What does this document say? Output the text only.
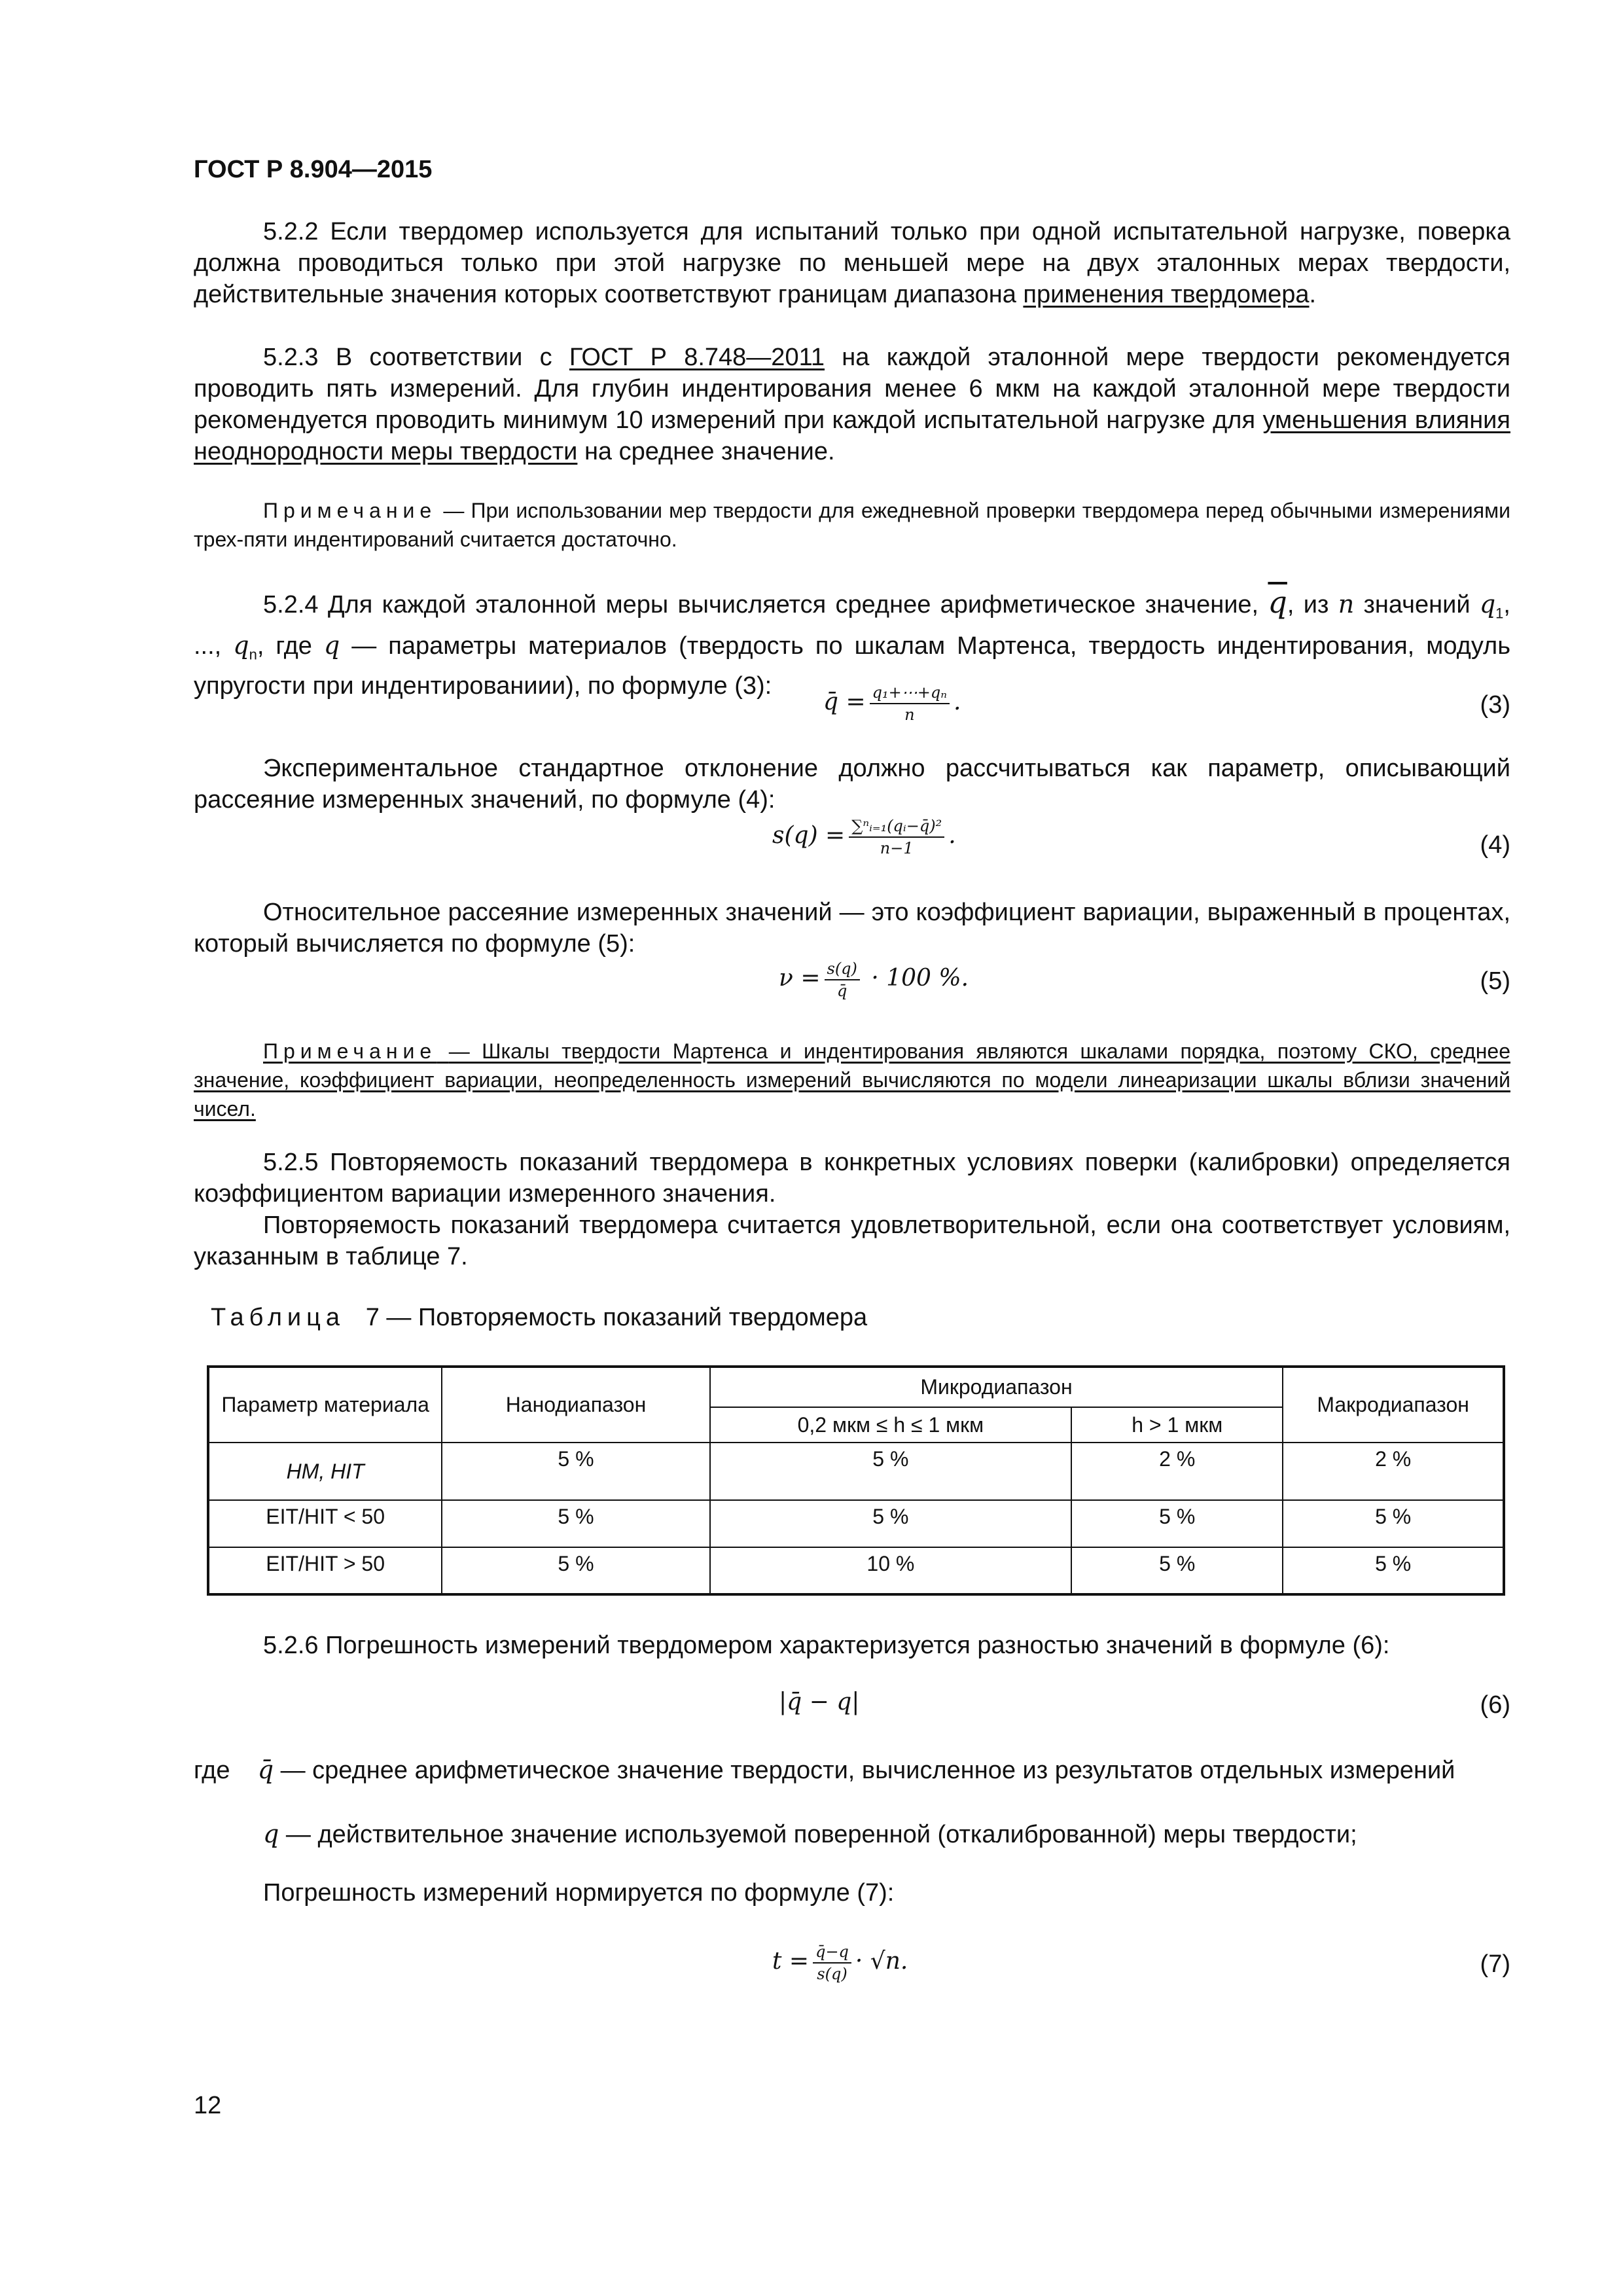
ГОСТ Р 8.904—2015

5.2.2 Если твердомер используется для испытаний только при одной испытательной нагрузке, поверка должна проводиться только при этой нагрузке по меньшей мере на двух эталонных мерах твердости, действительные значения которых соответствуют границам диапазона применения твердомера.

5.2.3 В соответствии с ГОСТ Р 8.748—2011 на каждой эталонной мере твердости рекомендуется проводить пять измерений. Для глубин индентирования менее 6 мкм на каждой эталонной мере твердости рекомендуется проводить минимум 10 измерений при каждой испытательной нагрузке для уменьшения влияния неоднородности меры твердости на среднее значение.

Примечание — При использовании мер твердости для ежедневной проверки твердомера перед обычными измерениями трех-пяти индентирований считается достаточно.

5.2.4 Для каждой эталонной меры вычисляется среднее арифметическое значение, $\overline{q}$, из n значений $q_1$, ..., $q_n$, где q — параметры материалов (твердость по шкалам Мартенса, твердость индентирования, модуль упругости при индентированиии), по формуле (3):

q̄ = $\frac{\text{q₁+⋯+qₙ}}{n}$ .	(3)

Экспериментальное стандартное отклонение должно рассчитываться как параметр, описывающий рассеяние измеренных значений, по формуле (4):

$s(q) = \frac{\text{∑ⁿᵢ₌₁(qᵢ−q̄)²}}{n-1}$ .	(4)

Относительное рассеяние измеренных значений — это коэффициент вариации, выраженный в процентах, который вычисляется по формуле (5):

$\nu = \frac{s(q)}{q̄} \cdot 100$ %.	(5)

Примечание — Шкалы твердости Мартенса и индентирования являются шкалами порядка, поэтому СКО, среднее значение, коэффициент вариации, неопределенность измерений вычисляются по модели линеаризации шкалы вблизи значений чисел.

5.2.5 Повторяемость показаний твердомера в конкретных условиях поверки (калибровки) определяется коэффициентом вариации измеренного значения.

Повторяемость показаний твердомера считается удовлетворительной, если она соответствует условиям, указанным в таблице 7.

Таблица 7 — Повторяемость показаний твердомера
Параметр материала	Нанодиапазон	Микродиапазон		Макродиапазон
		0,2 мкм ≤ h ≤ 1 мкм	h > 1 мкм	
HM, HIT	5 %	5 %	2 %	2 %
EIT/HIT < 50	5 %	5 %	5 %	5 %
EIT/HIT > 50	5 %	10 %	5 %	5 %

5.2.6 Погрешность измерений твердомером характеризуется разностью значений в формуле (6):

|q̄ − q|	(6)

где q̄ — среднее арифметическое значение твердости, вычисленное из результатов отдельных измерений

q — действительное значение используемой поверенной (откалиброванной) меры твердости;

Погрешность измерений нормируется по формуле (7):

$t = \frac{q̄-q}{s(q)} \cdot √n$.	(7)
12
